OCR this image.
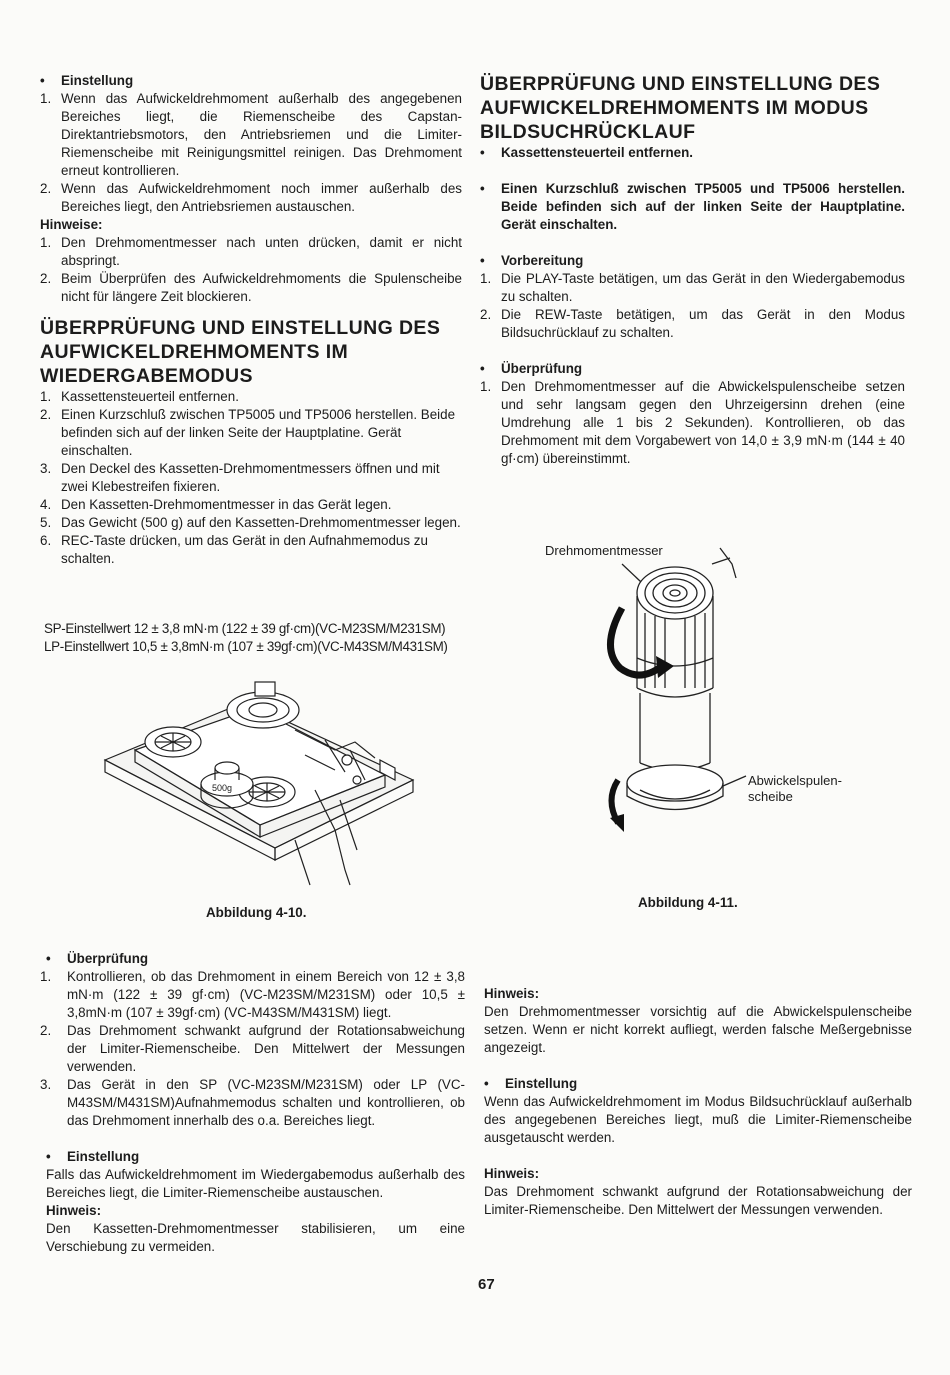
• Einstellung

1. Wenn das Aufwickeldrehmoment außerhalb des angegebenen Bereiches liegt, die Riemenscheibe des Capstan-Direktantriebsmotors, den Antriebsriemen und die Limiter-Riemenscheibe mit Reinigungsmittel reinigen. Das Drehmoment erneut kontrollieren.
2. Wenn das Aufwickeldrehmoment noch immer außerhalb des Bereiches liegt, den Antriebsriemen austauschen.

Hinweise:

1. Den Drehmomentmesser nach unten drücken, damit er nicht abspringt.
2. Beim Überprüfen des Aufwickeldrehmoments die Spulenscheibe nicht für längere Zeit blockieren.
ÜBERPRÜFUNG UND EINSTELLUNG DES AUFWICKELDREHMOMENTS IM WIEDERGABEMODUS
1. Kassettensteuerteil entfernen.
2. Einen Kurzschluß zwischen TP5005 und TP5006 herstellen. Beide befinden sich auf der linken Seite der Hauptplatine. Gerät einschalten.
3. Den Deckel des Kassetten-Drehmomentmessers öffnen und mit zwei Klebestreifen fixieren.
4. Den Kassetten-Drehmomentmesser in das Gerät legen.
5. Das Gewicht (500 g) auf den Kassetten-Drehmomentmesser legen.
6. REC-Taste drücken, um das Gerät in den Aufnahmemodus zu schalten.

SP-Einstellwert 12 ± 3,8 mN·m (122 ± 39 gf·cm)(VC-M23SM/M231SM)

LP-Einstellwert 10,5 ± 3,8mN·m (107 ± 39gf·cm)(VC-M43SM/M431SM)

500g
Abbildung 4-10.
ÜBERPRÜFUNG UND EINSTELLUNG DES AUFWICKELDREHMOMENTS IM MODUS BILDSUCHRÜCKLAUF

• Kassettensteuerteil entfernen.

• Einen Kurzschluß zwischen TP5005 und TP5006 herstellen. Beide befinden sich auf der linken Seite der Hauptplatine. Gerät einschalten.

• Vorbereitung

1. Die PLAY-Taste betätigen, um das Gerät in den Wiedergabemodus zu schalten.
2. Die REW-Taste betätigen, um das Gerät in den Modus Bildsuchrücklauf zu schalten.

• Überprüfung

1. Den Drehmomentmesser auf die Abwickelspulenscheibe setzen und sehr langsam gegen den Uhrzeigersinn drehen (eine Umdrehung alle 1 bis 2 Sekunden). Kontrollieren, ob das Drehmoment mit dem Vorgabewert von 14,0 ± 3,9 mN·m (144 ± 40 gf·cm) übereinstimmt.
Drehmomentmesser
Abwickelspulen-
scheibe
Abbildung 4-11.

• Überprüfung

1. Kontrollieren, ob das Drehmoment in einem Bereich von 12 ± 3,8 mN·m (122 ± 39 gf·cm) (VC-M23SM/M231SM) oder 10,5 ± 3,8mN·m (107 ± 39gf·cm) (VC-M43SM/M431SM) liegt.
2. Das Drehmoment schwankt aufgrund der Rotationsabweichung der Limiter-Riemenscheibe. Den Mittelwert der Messungen verwenden.
3. Das Gerät in den SP (VC-M23SM/M231SM) oder LP (VC-M43SM/M431SM)Aufnahmemodus schalten und kontrollieren, ob das Drehmoment innerhalb des o.a. Bereiches liegt.

• Einstellung

Falls das Aufwickeldrehmoment im Wiedergabemodus außerhalb des Bereiches liegt, die Limiter-Riemenscheibe austauschen.

Hinweis:

Den Kassetten-Drehmomentmesser stabilisieren, um eine Verschiebung zu vermeiden.

Hinweis:

Den Drehmomentmesser vorsichtig auf die Abwickelspulenscheibe setzen. Wenn er nicht korrekt aufliegt, werden falsche Meßergebnisse angezeigt.

• Einstellung

Wenn das Aufwickeldrehmoment im Modus Bildsuchrücklauf außerhalb des angegebenen Bereiches liegt, muß die Limiter-Riemenscheibe ausgetauscht werden.

Hinweis:

Das Drehmoment schwankt aufgrund der Rotationsabweichung der Limiter-Riemenscheibe. Den Mittelwert der Messungen verwenden.

67
